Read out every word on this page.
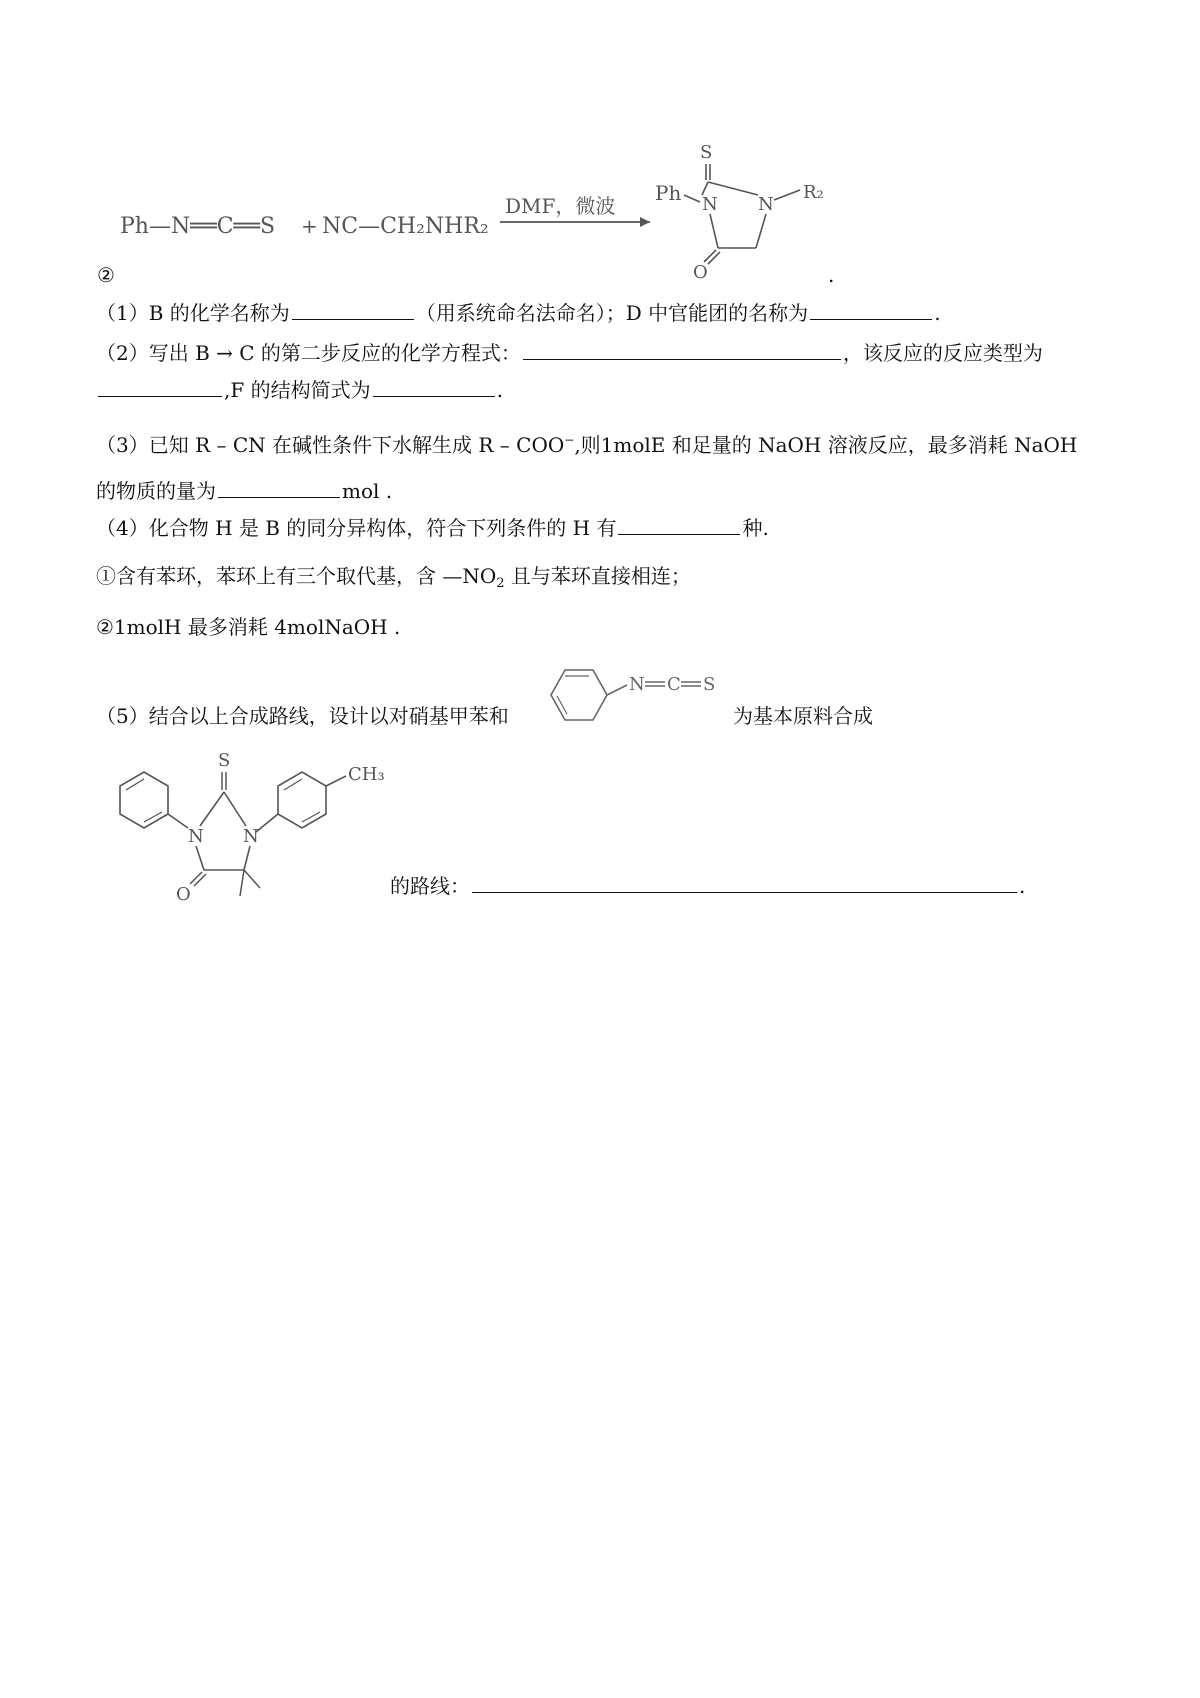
Ph—N══C══S + NC—CH₂NHR₂
DMF，微波
S
Ph N N
O
R₂
.
②
（1）B 的化学名称为	（用系统命名法命名）；D 中官能团的名称为	.
（2）写出 B → C 的第二步反应的化学方程式：	，该反应的反应类型为
,F 的结构简式为	.
（3）已知 R – CN 在碱性条件下水解生成 R – COO−,则1molE 和足量的 NaOH 溶液反应，最多消耗 NaOH
的物质的量为	mol .
（4）化合物 H 是 B 的同分异构体，符合下列条件的 H 有	种.
①含有苯环，苯环上有三个取代基，含 $—NO_2$ 且与苯环直接相连；
②1molH 最多消耗 4molNaOH .
（5）结合以上合成路线，设计以对硝基甲苯和
N C S
为基本原料合成
N
S
N
O
CH₃
的路线：	.
